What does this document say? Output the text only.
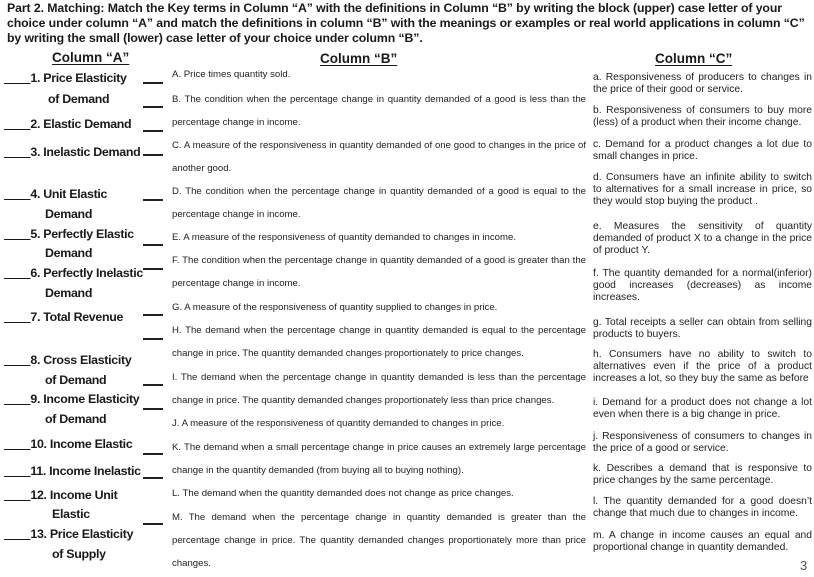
Part 2. Matching: Match the Key terms in Column “A” with the definitions in Column “B” by writing the block (upper) case letter of your choice under column “A” and match the definitions in column “B” with the meanings or examples or real world applications in column “C” by writing the small (lower) case letter of your choice under column “B”.
Column “A”	Column “B”	Column “C”
____1. Price Elasticity
of Demand
____2. Elastic Demand
____3. Inelastic Demand
____4. Unit Elastic
Demand
____5. Perfectly Elastic
Demand
____6. Perfectly Inelastic
Demand
____7. Total Revenue
____8. Cross Elasticity
of Demand
____9. Income Elasticity
of Demand
____10. Income Elastic
____11. Income Inelastic
____12. Income Unit
Elastic
____13. Price Elasticity
of Supply
A. Price times quantity sold.
B. The condition when the percentage change in quantity demanded of a good is less than the percentage change in income.
C. A measure of the responsiveness in quantity demanded of one good to changes in the price of another good.
D. The condition when the percentage change in quantity demanded of a good is equal to the percentage change in income.
E. A measure of the responsiveness of quantity demanded to changes in income.
F. The condition when the percentage change in quantity demanded of a good is greater than the percentage change in income.
G. A measure of the responsiveness of quantity supplied to changes in price.
H. The demand when the percentage change in quantity demanded is equal to the percentage change in price. The quantity demanded changes proportionately to price changes.
I. The demand when the percentage change in quantity demanded is less than the percentage change in price. The quantity demanded changes proportionately less than price changes.
J. A measure of the responsiveness of quantity demanded to changes in price.
K. The demand when a small percentage change in price causes an extremely large percentage change in the quantity demanded (from buying all to buying nothing).
L. The demand when the quantity demanded does not change as price changes.
M. The demand when the percentage change in quantity demanded is greater than the percentage change in price. The quantity demanded changes proportionately more than price changes.
a. Responsiveness of producers to changes in the price of their good or service.
b. Responsiveness of consumers to buy more (less) of a product when their income change.
c. Demand for a product changes a lot due to small changes in price.
d. Consumers have an infinite ability to switch to alternatives for a small increase in price, so they would stop buying the product .
e. Measures the sensitivity of quantity demanded of product X to a change in the price of product Y.
f. The quantity demanded for a normal(inferior) good increases (decreases) as income increases.
g. Total receipts a seller can obtain from selling products to buyers.
h. Consumers have no ability to switch to alternatives even if the price of a product increases a lot, so they buy the same as before
i. Demand for a product does not change a lot even when there is a big change in price.
j. Responsiveness of consumers to changes in the price of a good or service.
k. Describes a demand that is responsive to price changes by the same percentage.
l. The quantity demanded for a good doesn’t change that much due to changes in income.
m. A change in income causes an equal and proportional change in quantity demanded.
3
